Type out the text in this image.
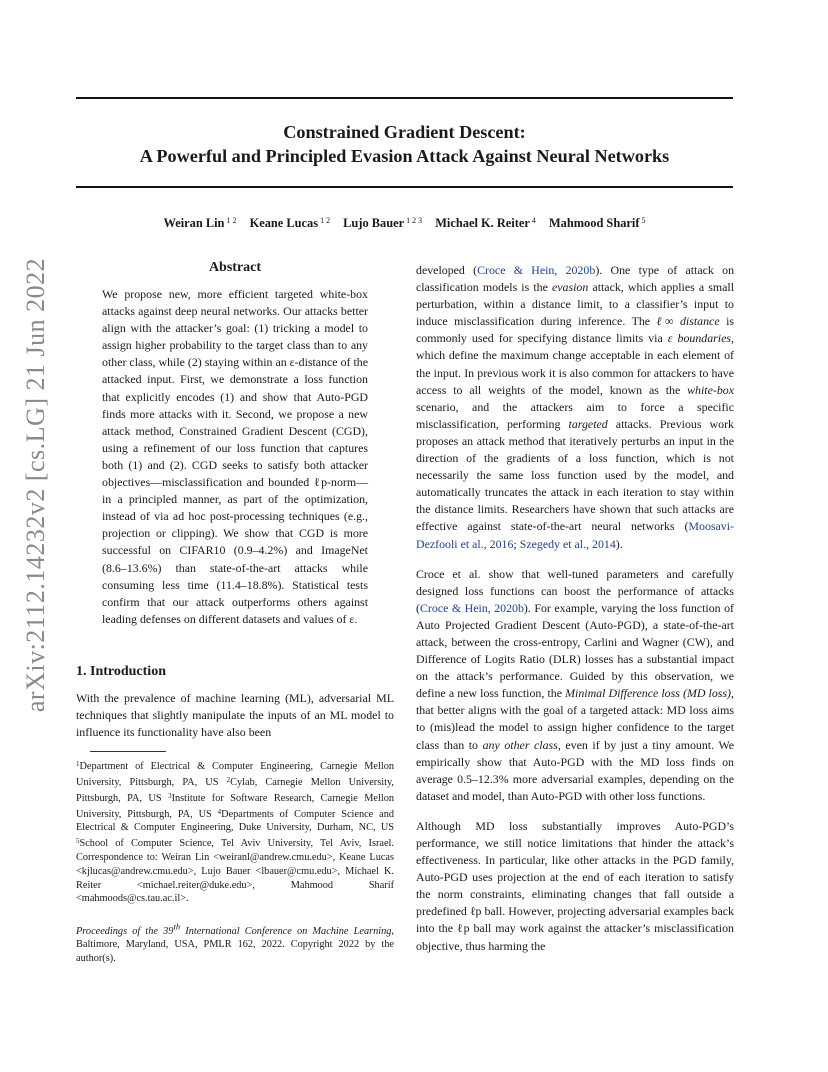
arXiv:2112.14232v2 [cs.LG] 21 Jun 2022
Constrained Gradient Descent:
A Powerful and Principled Evasion Attack Against Neural Networks
Weiran Lin $^{1 2}$ Keane Lucas $^{1 2}$ Lujo Bauer $^{1 2 3}$ Michael K. Reiter $^4$ Mahmood Sharif $^5$
Abstract

We propose new, more efficient targeted white-box attacks against deep neural networks. Our attacks better align with the attacker’s goal: (1) tricking a model to assign higher probability to the target class than to any other class, while (2) staying within an ε-distance of the attacked input. First, we demonstrate a loss function that explicitly encodes (1) and show that Auto-PGD finds more attacks with it. Second, we propose a new attack method, Constrained Gradient Descent (CGD), using a refinement of our loss function that captures both (1) and (2). CGD seeks to satisfy both attacker objectives—misclassification and bounded ℓp-norm—in a principled manner, as part of the optimization, instead of via ad hoc post-processing techniques (e.g., projection or clipping). We show that CGD is more successful on CIFAR10 (0.9–4.2%) and ImageNet (8.6–13.6%) than state-of-the-art attacks while consuming less time (11.4–18.8%). Statistical tests confirm that our attack outperforms others against leading defenses on different datasets and values of ε.

1. Introduction

With the prevalence of machine learning (ML), adversarial ML techniques that slightly manipulate the inputs of an ML model to influence its functionality have also been

$^1$Department of Electrical & Computer Engineering, Carnegie Mellon University, Pittsburgh, PA, US $^2$Cylab, Carnegie Mellon University, Pittsburgh, PA, US $^3$Institute for Software Research, Carnegie Mellon University, Pittsburgh, PA, US $^4$Departments of Computer Science and Electrical & Computer Engineering, Duke University, Durham, NC, US $^5$School of Computer Science, Tel Aviv University, Tel Aviv, Israel. Correspondence to: Weiran Lin <weiranl@andrew.cmu.edu>, Keane Lucas <kjlucas@andrew.cmu.edu>, Lujo Bauer <lbauer@cmu.edu>, Michael K. Reiter <michael.reiter@duke.edu>, Mahmood Sharif <mahmoods@cs.tau.ac.il>.

Proceedings of the 39th International Conference on Machine Learning, Baltimore, Maryland, USA, PMLR 162, 2022. Copyright 2022 by the author(s).

developed (Croce & Hein, 2020b). One type of attack on classification models is the evasion attack, which applies a small perturbation, within a distance limit, to a classifier’s input to induce misclassification during inference. The ℓ∞ distance is commonly used for specifying distance limits via ε boundaries, which define the maximum change acceptable in each element of the input. In previous work it is also common for attackers to have access to all weights of the model, known as the white-box scenario, and the attackers aim to force a specific misclassification, performing targeted attacks. Previous work proposes an attack method that iteratively perturbs an input in the direction of the gradients of a loss function, which is not necessarily the same loss function used by the model, and automatically truncates the attack in each iteration to stay within the distance limits. Researchers have shown that such attacks are effective against state-of-the-art neural networks (Moosavi-Dezfooli et al., 2016; Szegedy et al., 2014).

Croce et al. show that well-tuned parameters and carefully designed loss functions can boost the performance of attacks (Croce & Hein, 2020b). For example, varying the loss function of Auto Projected Gradient Descent (Auto-PGD), a state-of-the-art attack, between the cross-entropy, Carlini and Wagner (CW), and Difference of Logits Ratio (DLR) losses has a substantial impact on the attack’s performance. Guided by this observation, we define a new loss function, the Minimal Difference loss (MD loss), that better aligns with the goal of a targeted attack: MD loss aims to (mis)lead the model to assign higher confidence to the target class than to any other class, even if by just a tiny amount. We empirically show that Auto-PGD with the MD loss finds on average 0.5–12.3% more adversarial examples, depending on the dataset and model, than Auto-PGD with other loss functions.

Although MD loss substantially improves Auto-PGD’s performance, we still notice limitations that hinder the attack’s effectiveness. In particular, like other attacks in the PGD family, Auto-PGD uses projection at the end of each iteration to satisfy the norm constraints, eliminating changes that fall outside a predefined ℓp ball. However, projecting adversarial examples back into the ℓp ball may work against the attacker’s misclassification objective, thus harming the
